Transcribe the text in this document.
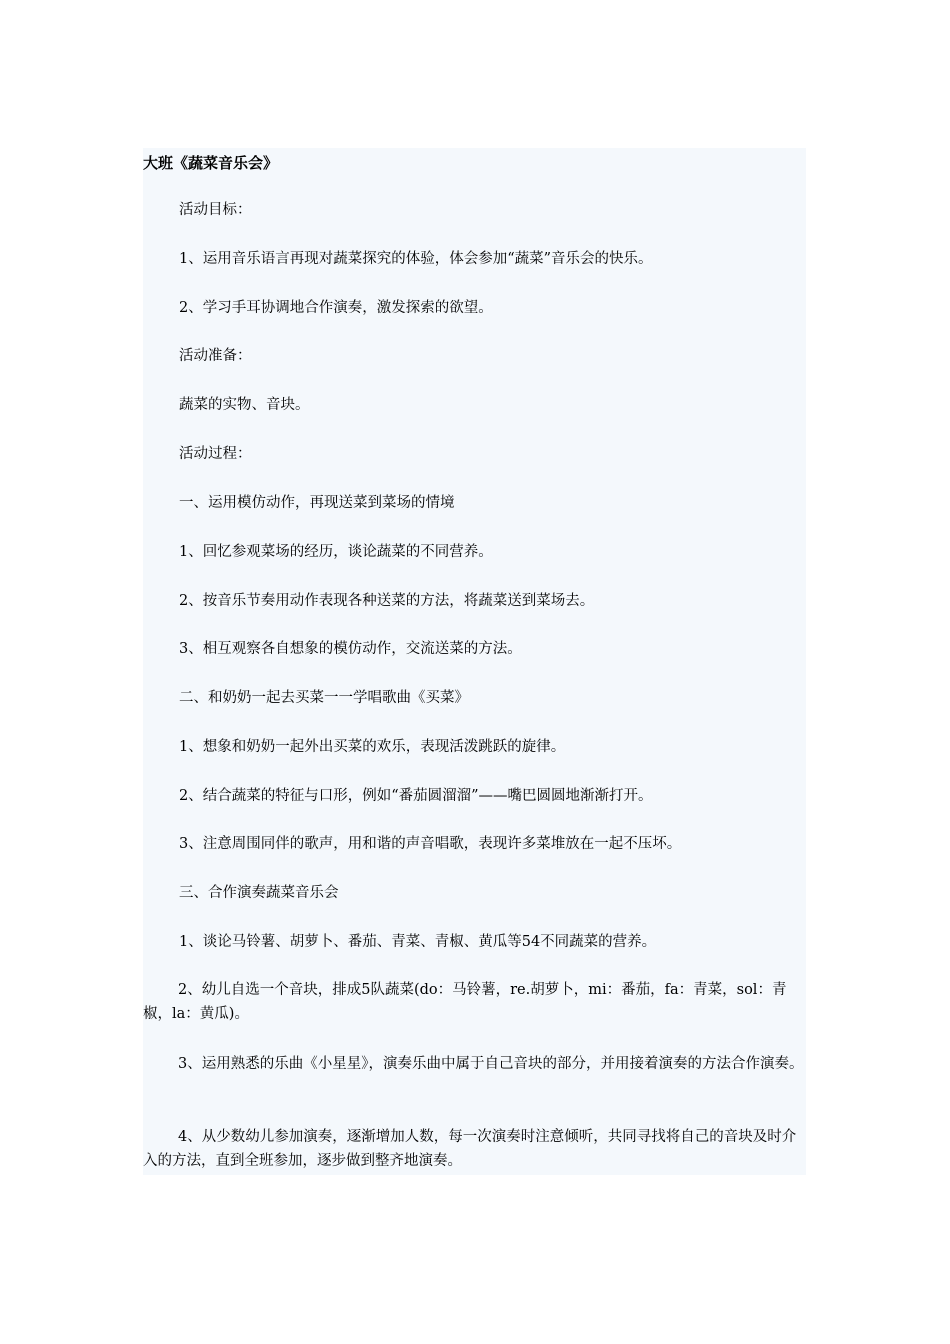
大班《蔬菜音乐会》
活动目标：
1、运用音乐语言再现对蔬菜探究的体验，体会参加“蔬菜”音乐会的快乐。
2、学习手耳协调地合作演奏，激发探索的欲望。
活动准备：
蔬菜的实物、音块。
活动过程：
一、运用模仿动作，再现送菜到菜场的情境
1、回忆参观菜场的经历，谈论蔬菜的不同营养。
2、按音乐节奏用动作表现各种送菜的方法，将蔬菜送到菜场去。
3、相互观察各自想象的模仿动作，交流送菜的方法。
二、和奶奶一起去买菜一一学唱歌曲《买菜》
1、想象和奶奶一起外出买菜的欢乐，表现活泼跳跃的旋律。
2、结合蔬菜的特征与口形，例如“番茄圆溜溜”——嘴巴圆圆地渐渐打开。
3、注意周围同伴的歌声，用和谐的声音唱歌，表现许多菜堆放在一起不压坏。
三、合作演奏蔬菜音乐会
1、谈论马铃薯、胡萝卜、番茄、青菜、青椒、黄瓜等54不同蔬菜的营养。
2、幼儿自选一个音块，排成5队蔬菜(do：马铃薯，re.胡萝卜，mi：番茄，fa：青菜，sol：青椒，la：黄瓜)。
3、运用熟悉的乐曲《小星星》，演奏乐曲中属于自己音块的部分，并用接着演奏的方法合作演奏。
4、从少数幼儿参加演奏，逐渐增加人数，每一次演奏时注意倾听，共同寻找将自己的音块及时介入的方法，直到全班参加，逐步做到整齐地演奏。
